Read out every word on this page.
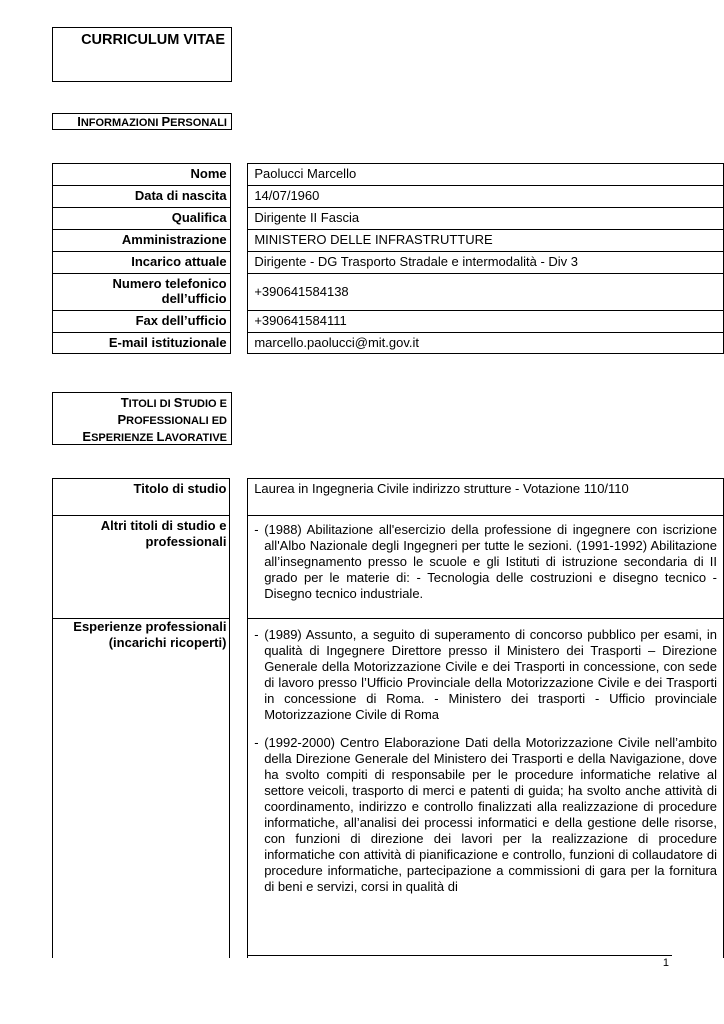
CURRICULUM VITAE
INFORMAZIONI PERSONALI
Nome		Paolucci Marcello
Data di nascita		14/07/1960
Qualifica		Dirigente II Fascia
Amministrazione		MINISTERO DELLE INFRASTRUTTURE
Incarico attuale		Dirigente - DG Trasporto Stradale e intermodalità - Div 3
Numero telefonico dell’ufficio		+390641584138
Fax dell’ufficio		+390641584111
E-mail istituzionale		marcello.paolucci@mit.gov.it
TITOLI DI STUDIO E
PROFESSIONALI ED
ESPERIENZE LAVORATIVE
Titolo di studio		Laurea in Ingegneria Civile indirizzo strutture - Votazione 110/110
Altri titoli di studio e professionali		- (1988) Abilitazione all'esercizio della professione di ingegnere con iscrizione all'Albo Nazionale degli Ingegneri per tutte le sezioni. (1991-1992) Abilitazione all’insegnamento presso le scuole e gli Istituti di istruzione secondaria di II grado per le materie di: - Tecnologia delle costruzioni e disegno tecnico - Disegno tecnico industriale.

Esperienze professionali (incarichi ricoperti)		- (1989) Assunto, a seguito di superamento di concorso pubblico per esami, in qualità di Ingegnere Direttore presso il Ministero dei Trasporti – Direzione Generale della Motorizzazione Civile e dei Trasporti in concessione, con sede di lavoro presso l’Ufficio Provinciale della Motorizzazione Civile e dei Trasporti in concessione di Roma. - Ministero dei trasporti - Ufficio provinciale Motorizzazione Civile di Roma
- (1992-2000) Centro Elaborazione Dati della Motorizzazione Civile nell’ambito della Direzione Generale del Ministero dei Trasporti e della Navigazione, dove ha svolto compiti di responsabile per le procedure informatiche relative al settore veicoli, trasporto di merci e patenti di guida; ha svolto anche attività di coordinamento, indirizzo e controllo finalizzati alla realizzazione di procedure informatiche, all’analisi dei processi informatici e della gestione delle risorse, con funzioni di direzione dei lavori per la realizzazione di procedure informatiche con attività di pianificazione e controllo, funzioni di collaudatore di procedure informatiche, partecipazione a commissioni di gara per la fornitura di beni e servizi, corsi in qualità di
1
